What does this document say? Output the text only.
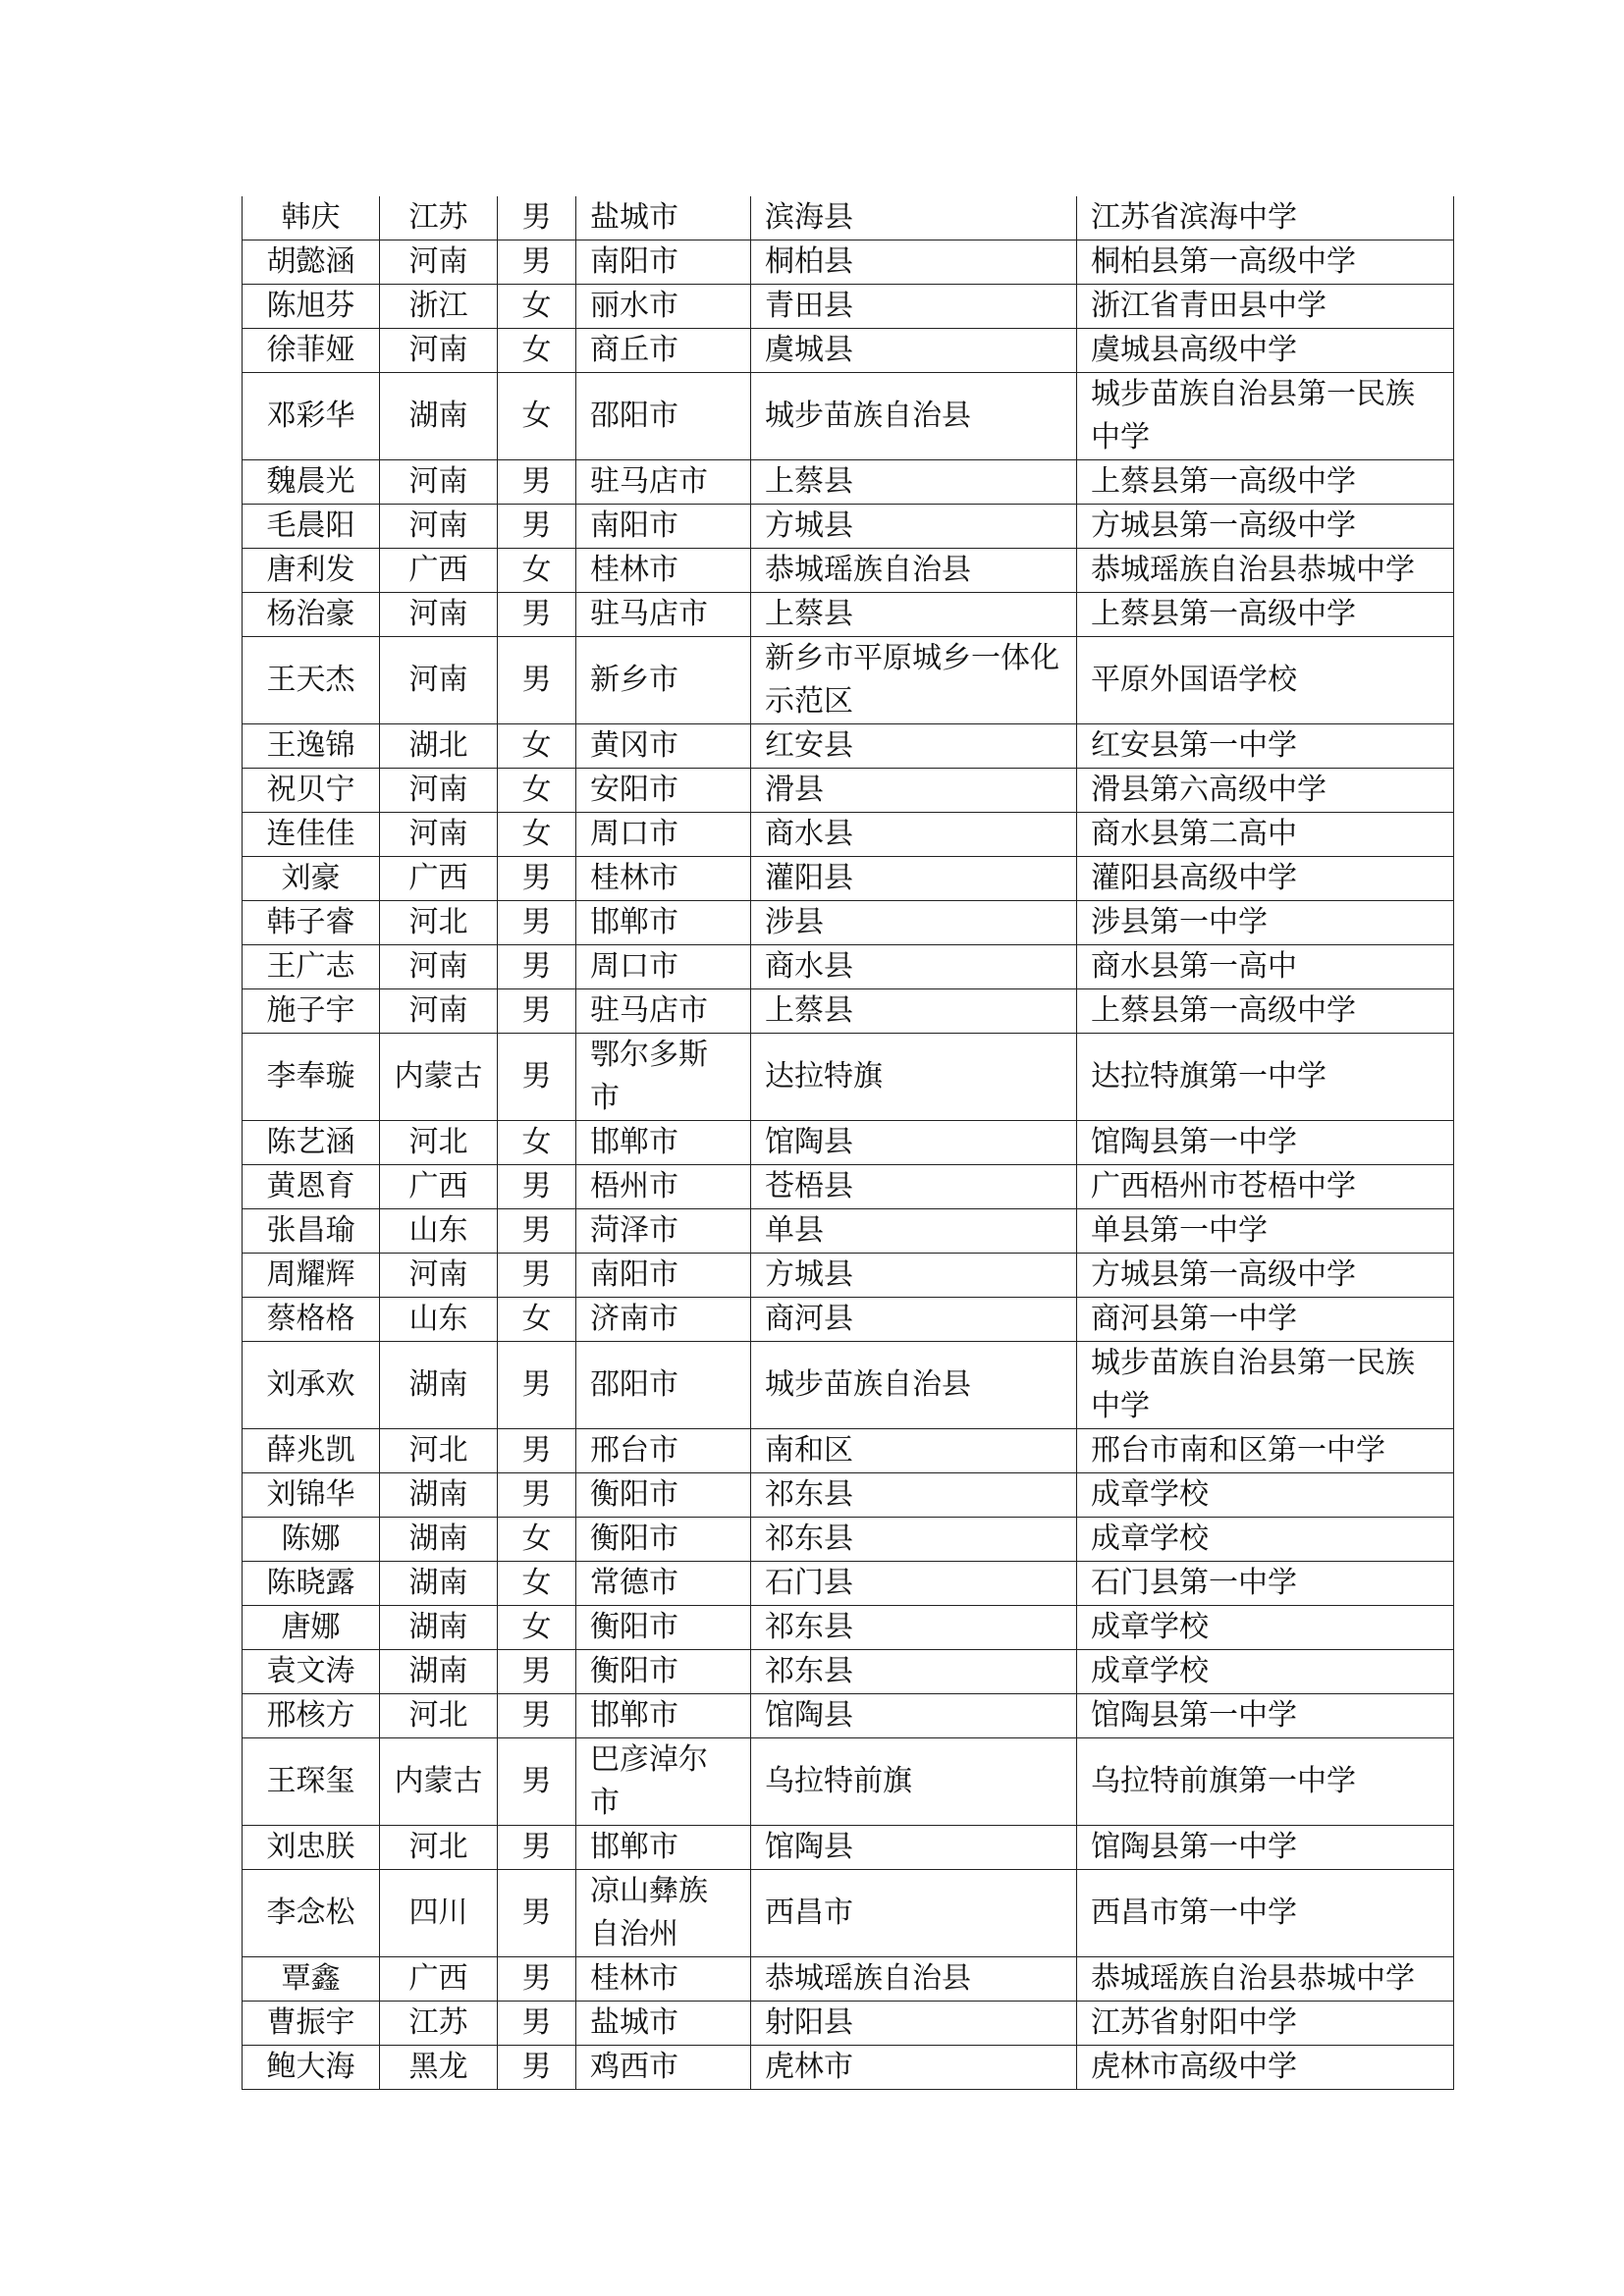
韩庆	江苏	男	盐城市	滨海县	江苏省滨海中学
胡懿涵	河南	男	南阳市	桐柏县	桐柏县第一高级中学
陈旭芬	浙江	女	丽水市	青田县	浙江省青田县中学
徐菲娅	河南	女	商丘市	虞城县	虞城县高级中学
邓彩华	湖南	女	邵阳市	城步苗族自治县	城步苗族自治县第一民族中学
魏晨光	河南	男	驻马店市	上蔡县	上蔡县第一高级中学
毛晨阳	河南	男	南阳市	方城县	方城县第一高级中学
唐利发	广西	女	桂林市	恭城瑶族自治县	恭城瑶族自治县恭城中学
杨治豪	河南	男	驻马店市	上蔡县	上蔡县第一高级中学
王天杰	河南	男	新乡市	新乡市平原城乡一体化示范区	平原外国语学校
王逸锦	湖北	女	黄冈市	红安县	红安县第一中学
祝贝宁	河南	女	安阳市	滑县	滑县第六高级中学
连佳佳	河南	女	周口市	商水县	商水县第二高中
刘豪	广西	男	桂林市	灌阳县	灌阳县高级中学
韩子睿	河北	男	邯郸市	涉县	涉县第一中学
王广志	河南	男	周口市	商水县	商水县第一高中
施子宇	河南	男	驻马店市	上蔡县	上蔡县第一高级中学
李奉璇	内蒙古	男	鄂尔多斯市	达拉特旗	达拉特旗第一中学
陈艺涵	河北	女	邯郸市	馆陶县	馆陶县第一中学
黄恩育	广西	男	梧州市	苍梧县	广西梧州市苍梧中学
张昌瑜	山东	男	菏泽市	单县	单县第一中学
周耀辉	河南	男	南阳市	方城县	方城县第一高级中学
蔡格格	山东	女	济南市	商河县	商河县第一中学
刘承欢	湖南	男	邵阳市	城步苗族自治县	城步苗族自治县第一民族中学
薛兆凯	河北	男	邢台市	南和区	邢台市南和区第一中学
刘锦华	湖南	男	衡阳市	祁东县	成章学校
陈娜	湖南	女	衡阳市	祁东县	成章学校
陈晓露	湖南	女	常德市	石门县	石门县第一中学
唐娜	湖南	女	衡阳市	祁东县	成章学校
袁文涛	湖南	男	衡阳市	祁东县	成章学校
邢核方	河北	男	邯郸市	馆陶县	馆陶县第一中学
王琛玺	内蒙古	男	巴彦淖尔市	乌拉特前旗	乌拉特前旗第一中学
刘忠朕	河北	男	邯郸市	馆陶县	馆陶县第一中学
李念松	四川	男	凉山彝族自治州	西昌市	西昌市第一中学
覃鑫	广西	男	桂林市	恭城瑶族自治县	恭城瑶族自治县恭城中学
曹振宇	江苏	男	盐城市	射阳县	江苏省射阳中学
鲍大海	黑龙	男	鸡西市	虎林市	虎林市高级中学
